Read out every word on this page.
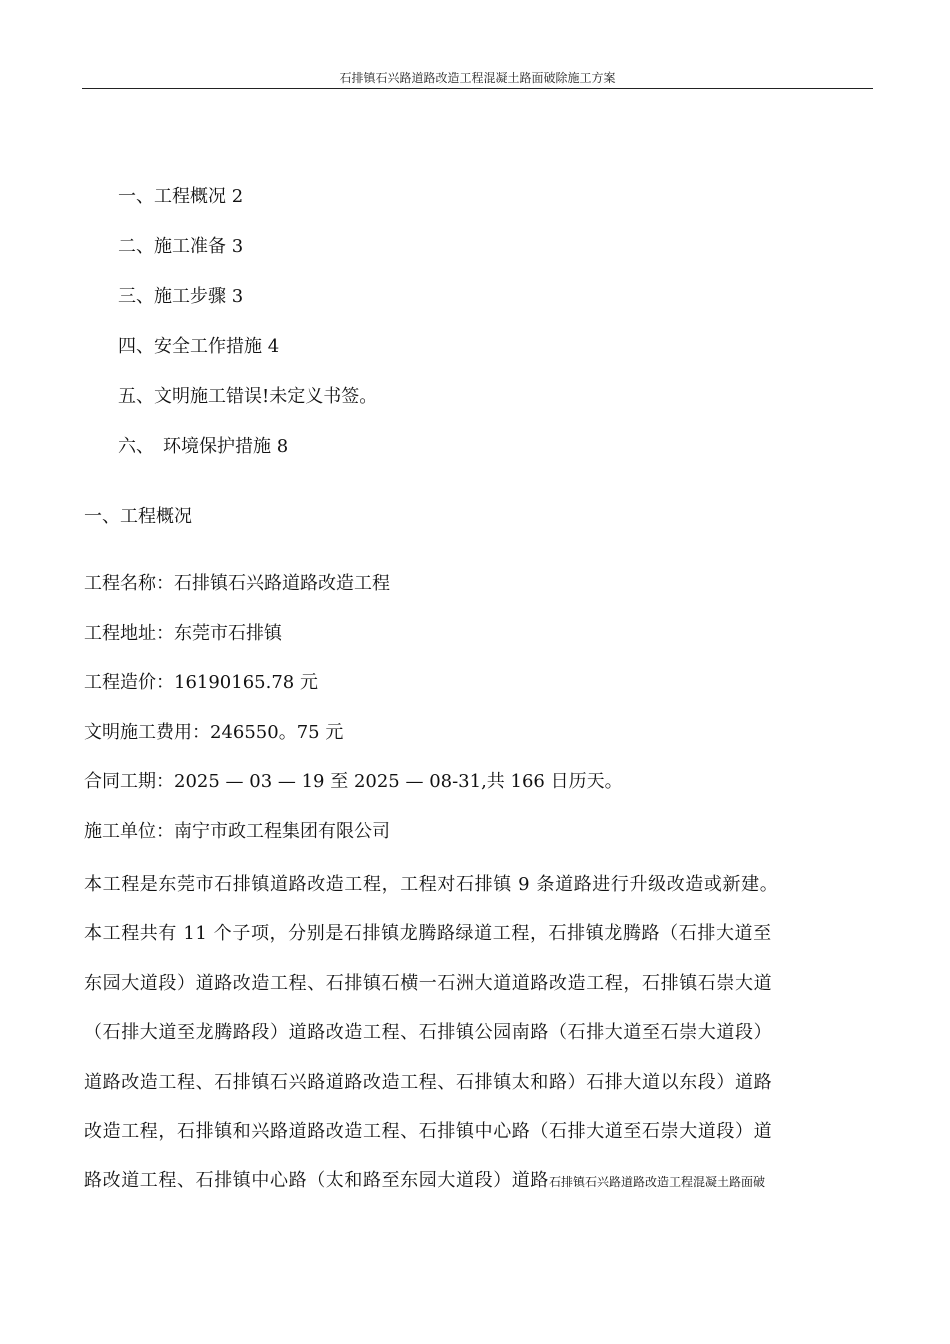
石排镇石兴路道路改造工程混凝土路面破除施工方案
一、工程概况 2
二、施工准备 3
三、施工步骤 3
四、安全工作措施 4
五、文明施工错误!未定义书签。
六、　环境保护措施 8
一、工程概况
工程名称：石排镇石兴路道路改造工程
工程地址：东莞市石排镇
工程造价：16190165.78 元
文明施工费用：246550。75 元
合同工期：2025 — 03 — 19 至 2025 — 08-31,共 166 日历天。
施工单位：南宁市政工程集团有限公司
本工程是东莞市石排镇道路改造工程，工程对石排镇 9 条道路进行升级改造或新建。
本工程共有 11 个子项，分别是石排镇龙腾路绿道工程，石排镇龙腾路（石排大道至
东园大道段）道路改造工程、石排镇石横一石洲大道道路改造工程，石排镇石崇大道
（石排大道至龙腾路段）道路改造工程、石排镇公园南路（石排大道至石崇大道段）
道路改造工程、石排镇石兴路道路改造工程、石排镇太和路）石排大道以东段）道路
改造工程，石排镇和兴路道路改造工程、石排镇中心路（石排大道至石崇大道段）道
路改道工程、石排镇中心路（太和路至东园大道段）道路石排镇石兴路道路改造工程混凝土路面破
